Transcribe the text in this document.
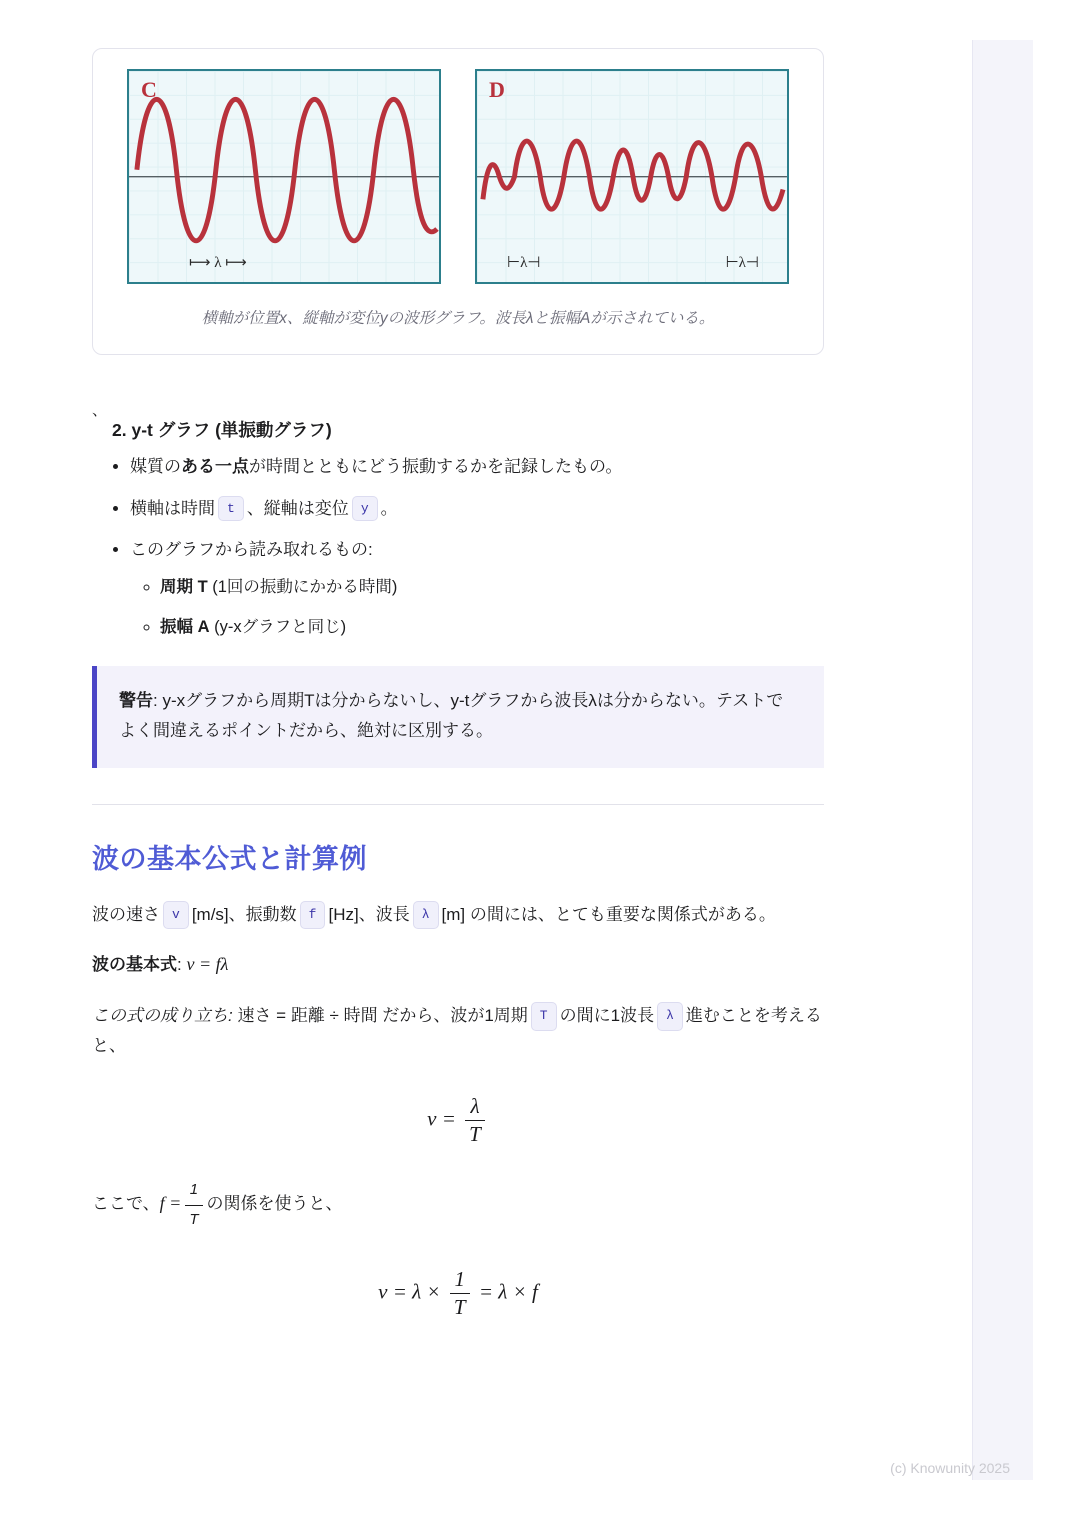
C
⟼ λ ⟼
D
⊢λ⊣	⊢λ⊣
横軸が位置x、縦軸が変位yの波形グラフ。波長λと振幅Aが示されている。
、
2. y-t グラフ (単振動グラフ)
• 媒質のある一点が時間とともにどう振動するかを記録したもの。
• 横軸は時間 t 、縦軸は変位 y 。
• このグラフから読み取れるもの:
◦ 周期 T (1回の振動にかかる時間)
◦ 振幅 A (y-xグラフと同じ)
警告: y-xグラフから周期Tは分からないし、y-tグラフから波長λは分からない。テストでよく間違えるポイントだから、絶対に区別する。
波の基本公式と計算例

波の速さ v [m/s]、振動数 f [Hz]、波長 λ [m] の間には、とても重要な関係式がある。

波の基本式: v = fλ

この式の成り立ち: 速さ = 距離 ÷ 時間 だから、波が1周期 T の間に1波長 λ 進むことを考えると、

$v = \frac{\lambda}{T}$

ここで、$f = \frac{1}{T}$ の関係を使うと、

$v = \lambda \times \frac{1}{T} = \lambda \times f$
(c) Knowunity 2025
